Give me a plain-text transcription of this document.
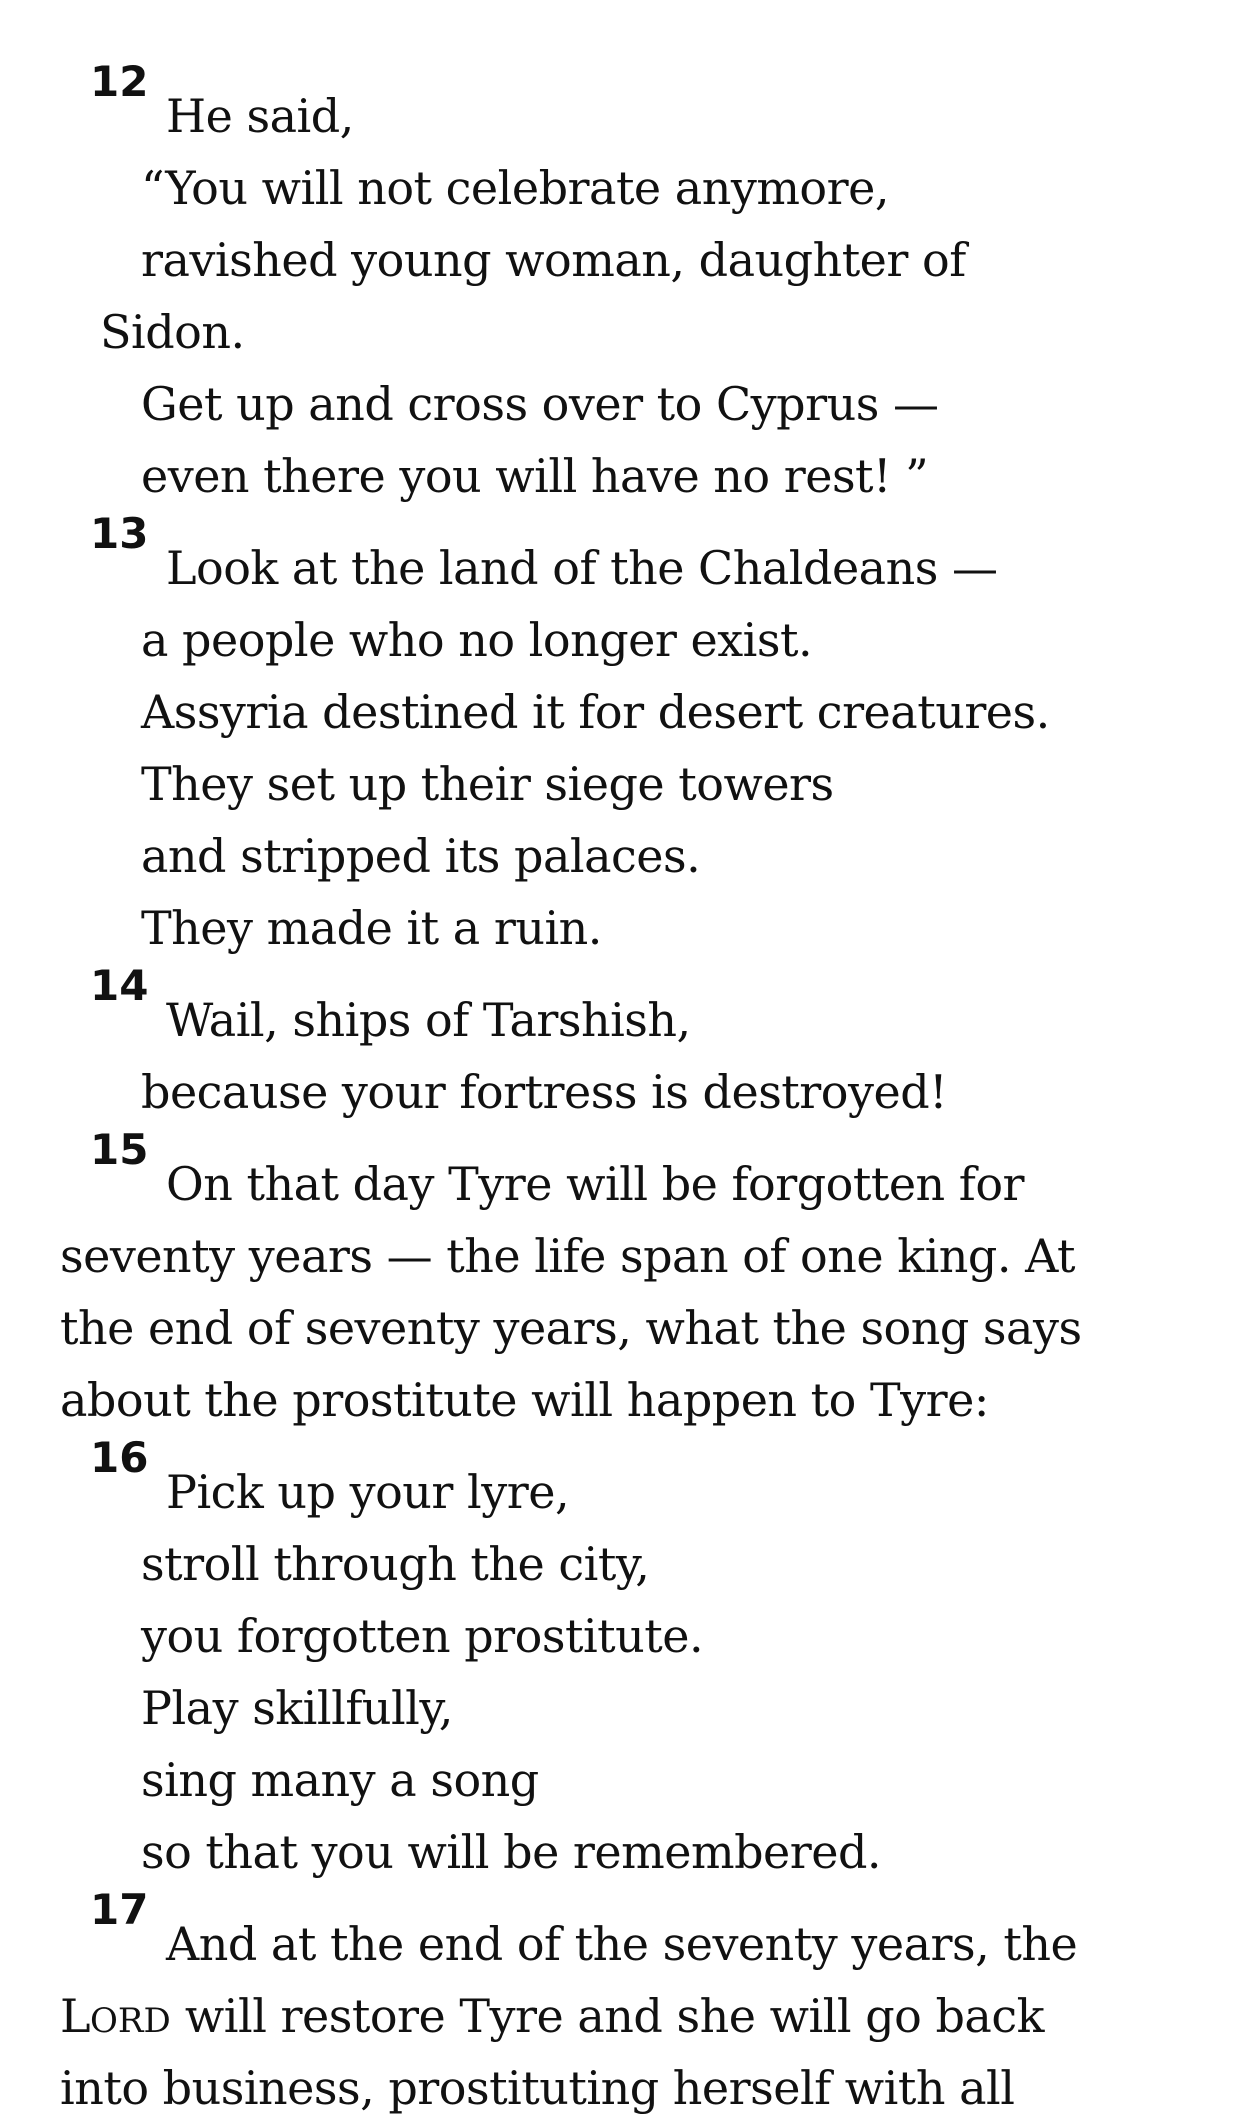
12
He said,
“You will not celebrate anymore,
ravished young woman, daughter of
Sidon.
Get up and cross over to Cyprus —
even there you will have no rest! ”
13
Look at the land of the Chaldeans —
a people who no longer exist.
Assyria destined it for desert creatures.
They set up their siege towers
and stripped its palaces.
They made it a ruin.
14
Wail, ships of Tarshish,
because your fortress is destroyed!
15
On that day Tyre will be forgotten for
seventy years — the life span of one king. At
the end of seventy years, what the song says
about the prostitute will happen to Tyre:
16
Pick up your lyre,
stroll through the city,
you forgotten prostitute.
Play skillfully,
sing many a song
so that you will be remembered.
17
And at the end of the seventy years, the
LORD will restore Tyre and she will go back
into business, prostituting herself with all
